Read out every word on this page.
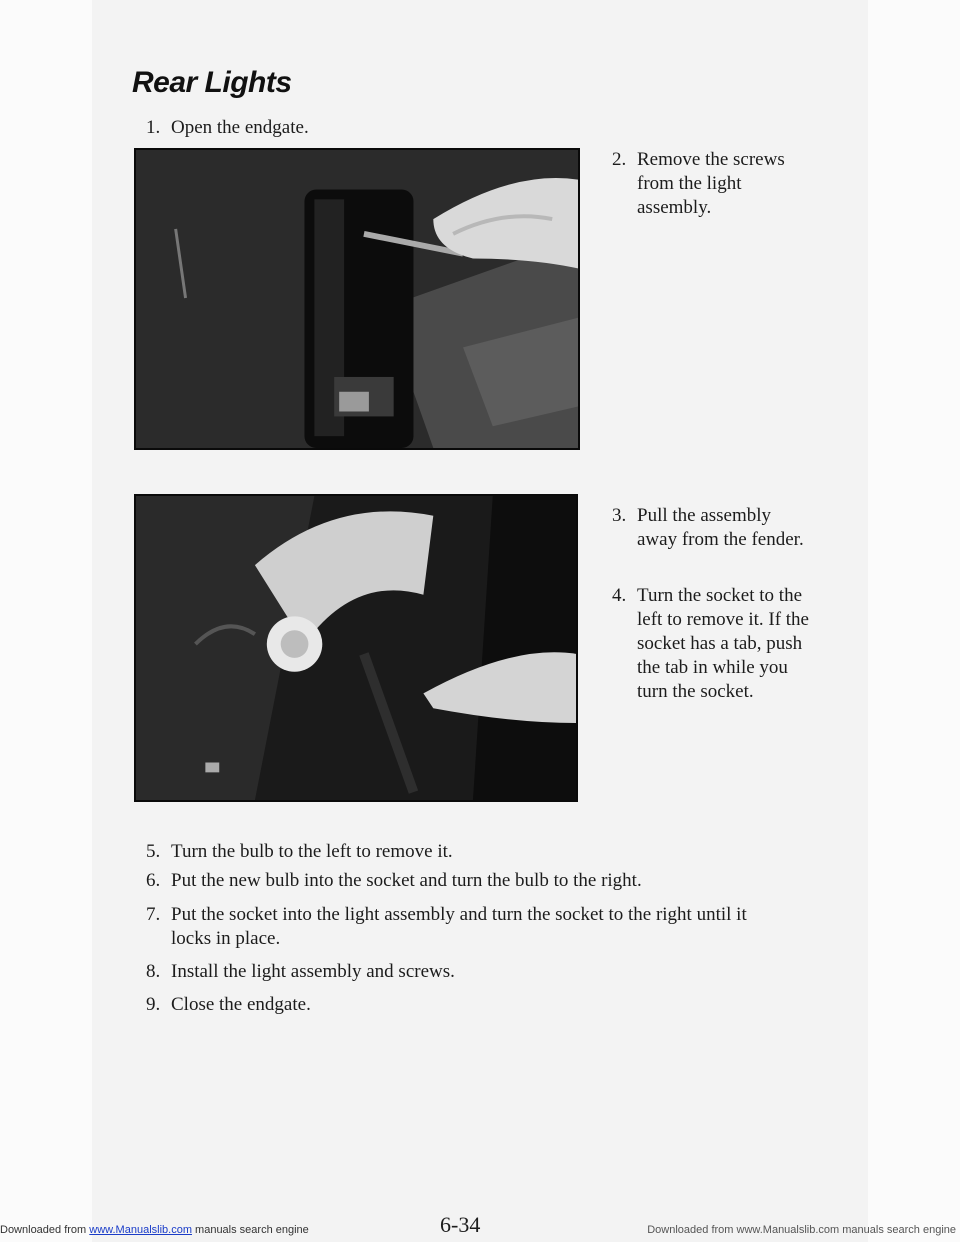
Rear Lights
1. Open the endgate.
2. Remove the screws from the light assembly.
3. Pull the assembly away from the fender.
4. Turn the socket to the left to remove it. If the socket has a tab, push the tab in while you turn the socket.
5. Turn the bulb to the left to remove it.
6. Put the new bulb into the socket and turn the bulb to the right.
7. Put the socket into the light assembly and turn the socket to the right until it locks in place.
8. Install the light assembly and screws.
9. Close the endgate.
6-34
Downloaded from www.Manualslib.com manuals search engine	Downloaded from www.Manualslib.com manuals search engine
